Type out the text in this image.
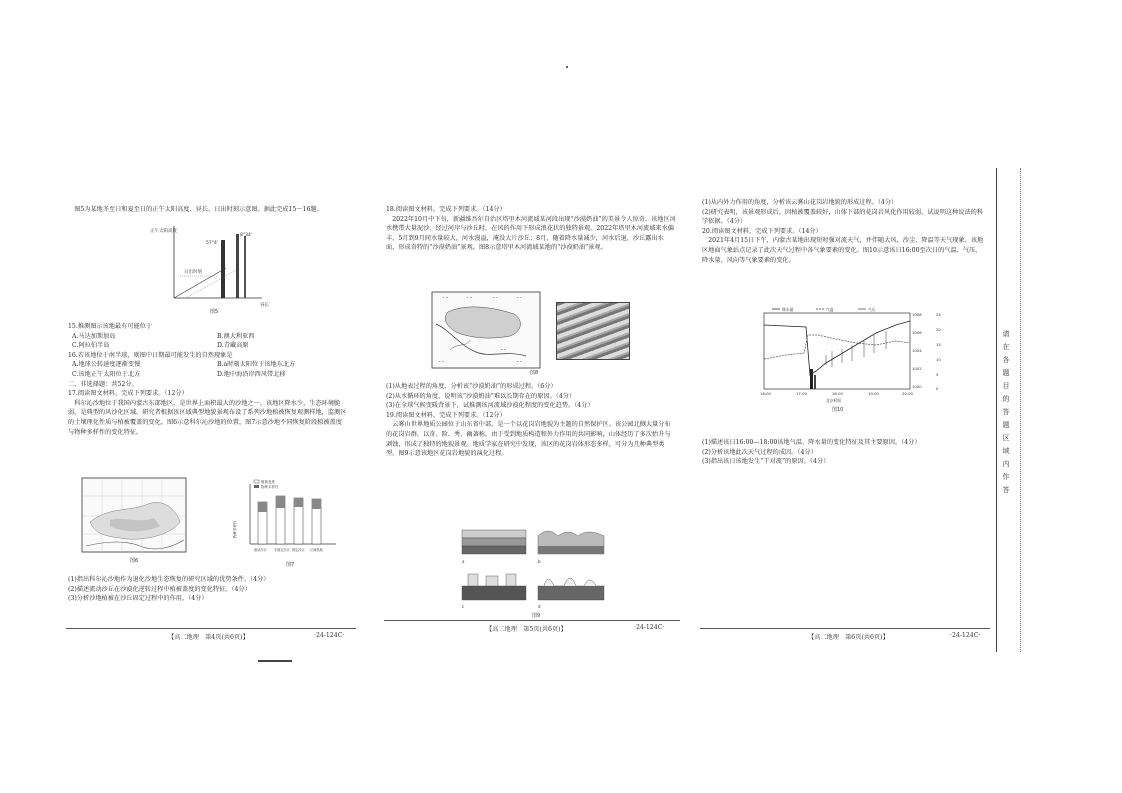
图5为某地冬至日和夏至日的正午太阳高度、昼长、日出时刻示意图。据此完成15～16题。

正午太阳高度
日出时刻
57°4'
8°34'
昼长
图5

15.推测图示该地最有可能位于

A.马达加斯加岛	B.澳大利亚西

C.阿拉伯半岛	D.青藏高原

16.若该地位于南半球，则图中日期最可能发生的自然现象是

A.地球公转速度逐渐变慢	B.a时刻太阳位于该地东北方

C.该地正午太阳位于北方	D.地中海沿岸西风带北移

二、非选择题：共52分。

17.阅读图文材料，完成下列要求。（12分）

科尔沁沙地位于我国内蒙古东部地区，是世界上面积最大的沙地之一。该地区降水少，生态环境脆弱，是典型的风沙化区域。研究者根据该区域典型地貌景观布设了系列沙地植被恢复观测样地，监测区的土壤理化性质与植被覆盖的变化。图6示意科尔沁沙地的位置，图7示意沙地不同恢复阶段植被盖度与物种多样性的变化特征。

图6
植被盖度
物种多样性
物种多样性
流动沙丘 半固定沙丘 固定沙丘 丘间低地
图7

(1)指出科尔沁沙地作为退化沙地生态恢复的研究区域的优势条件。（4分）

(2)描述流动沙丘在沙漠化逆转过程中植被盖度的变化特征。（4分）

(3)分析沙地植被在沙丘固定过程中的作用。（4分）

【高二地理　第4页(共6页)】	·24-124C·

18.阅读图文材料，完成下列要求。（14分）

2022年10月中下旬，新疆维吾尔自治区塔里木河流域某河段出现“沙漠奶油”的美景令人惊奇。该地区河水携带大量泥沙，经过河岸与沙丘时，在风的作用下形成浪花状的独特景观。2022年塔里木河流域来水偏丰，5月到9月间水量较大，河水漫溢，淹没大片沙丘；8月，随着降水量减少，河水后退，沙丘露出水面，形成奇特的“沙漠奶油”景观。图8示意塔里木河流域某地的“沙漠奶油”景观。

⌃⌃	⌃⌃	⌃⌃	⌃⌃
⌃⌃
⌃⌃
⌃⌃
图8

(1)从地表过程的角度，分析该“沙漠奶油”的形成过程。（6分）

(2)从水循环的角度，说明该“沙漠奶油”难以长期存在的原因。（4分）

(3)在全球气候变暖背景下，试推测该河流域沙漠化程度的变化趋势。（4分）

19.阅读图文材料，完成下列要求。（12分）

云雾山世界地质公园位于山东省中部，是一个以花岗岩地貌为主题的自然保护区。该公园北侧大量分布的花岗岩群，以奇、险、秀、幽著称。由于受到地质构造和外力作用的共同影响，山体经历了多次抬升与剥蚀，形成了独特的地貌景观。地质学家在研究中发现，该区的花岗岩体形态多样，可分为几种典型类型。图9示意该地区花岗岩地貌的演化过程。

a	b
c	d
图9
【高二地理　第5页(共6页)】	·24-124C·

(1)从内外力作用的角度，分析该云雾山花岗岩地貌的形成过程。（4分）

(2)研究表明，该景观形成后，因植被覆盖较好，山体下部的花岗岩风化作用较弱，试说明这种说法的科学依据。（4分）

20.阅读图文材料，完成下列要求。（14分）

2021年4月15日下午，内蒙古某地出现短时强对流天气，并伴随大风、沙尘、降温等天气现象。该地区地面气象站点记录了此次天气过程中各气象要素的变化。图10示意该日16:00至次日的气温、气压、降水量、风向等气象要素的变化。

降水量	气温	气压
1008
1006
1004
1002
1000
25
20
15
10
5
0
16:00	17:00	18:00	19:00	20:00
北京时间
图10

(1)描述该日16:00—18:00该地气温、降水量的变化特征及其主要原因。（4分）

(2)分析该地此次天气过程的成因。（4分）

(3)指出该日该地发生“干对流”的原因。（4分）

【高二地理　第6页(共6页)】	·24-124C·
请在各题目的答题区域内作答
